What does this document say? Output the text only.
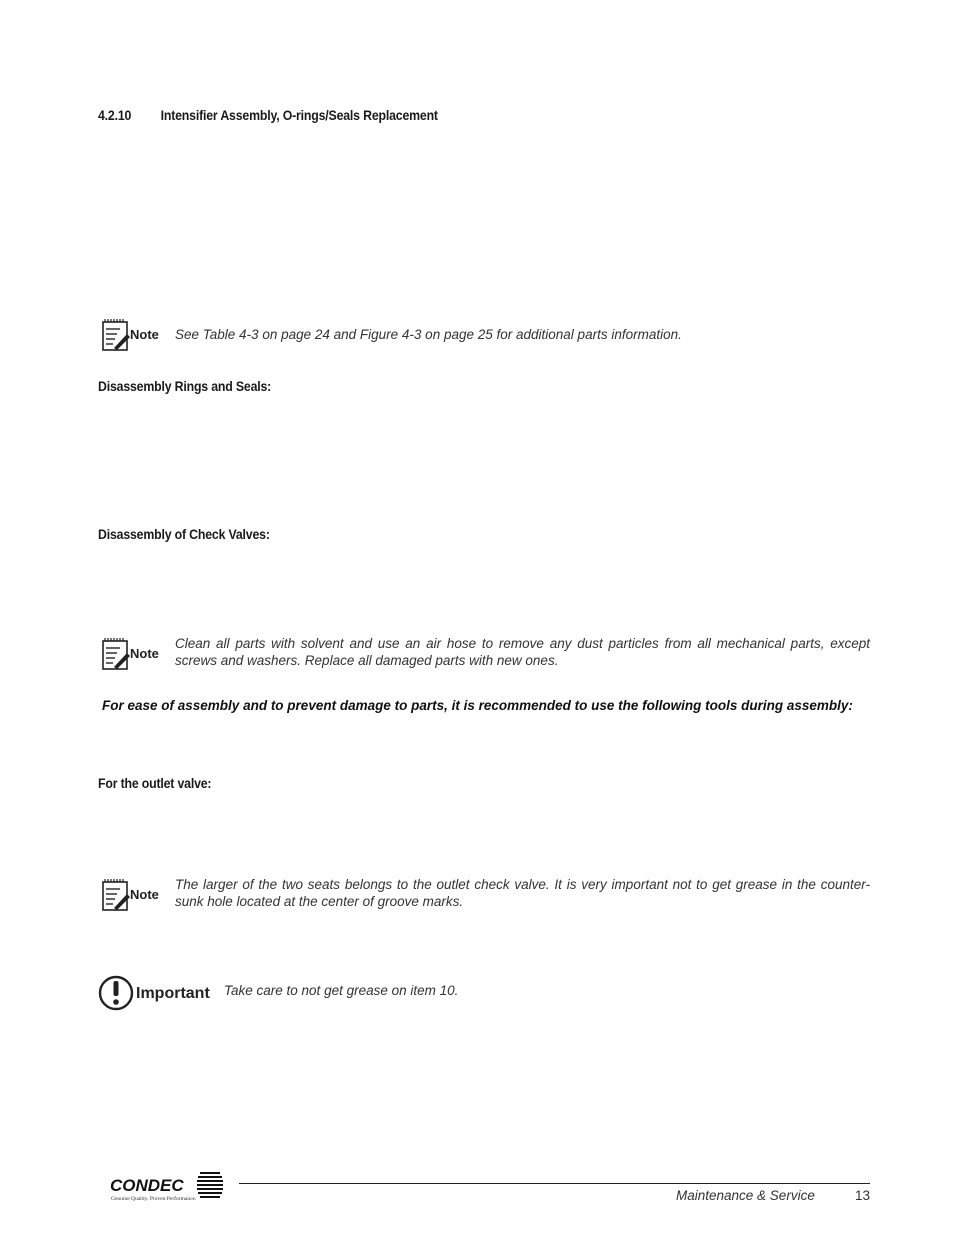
4.2.10 Intensifier Assembly, O-rings/Seals Replacement
Note See Table 4-3 on page 24 and Figure 4-3 on page 25 for additional parts information.
Disassembly Rings and Seals:
Disassembly of Check Valves:
Note
Clean all parts with solvent and use an air hose to remove any dust particles from all mechanical parts, except screws and washers. Replace all damaged parts with new ones.
For ease of assembly and to prevent damage to parts, it is recommended to use the following tools during assembly:
For the outlet valve:
Note
The larger of the two seats belongs to the outlet check valve. It is very important not to get grease in the counter-sunk hole located at the center of groove marks.
Important Take care to not get grease on item 10.
CONDEC
Genuine Quality. Proven Performance.	Maintenance & Service	13
